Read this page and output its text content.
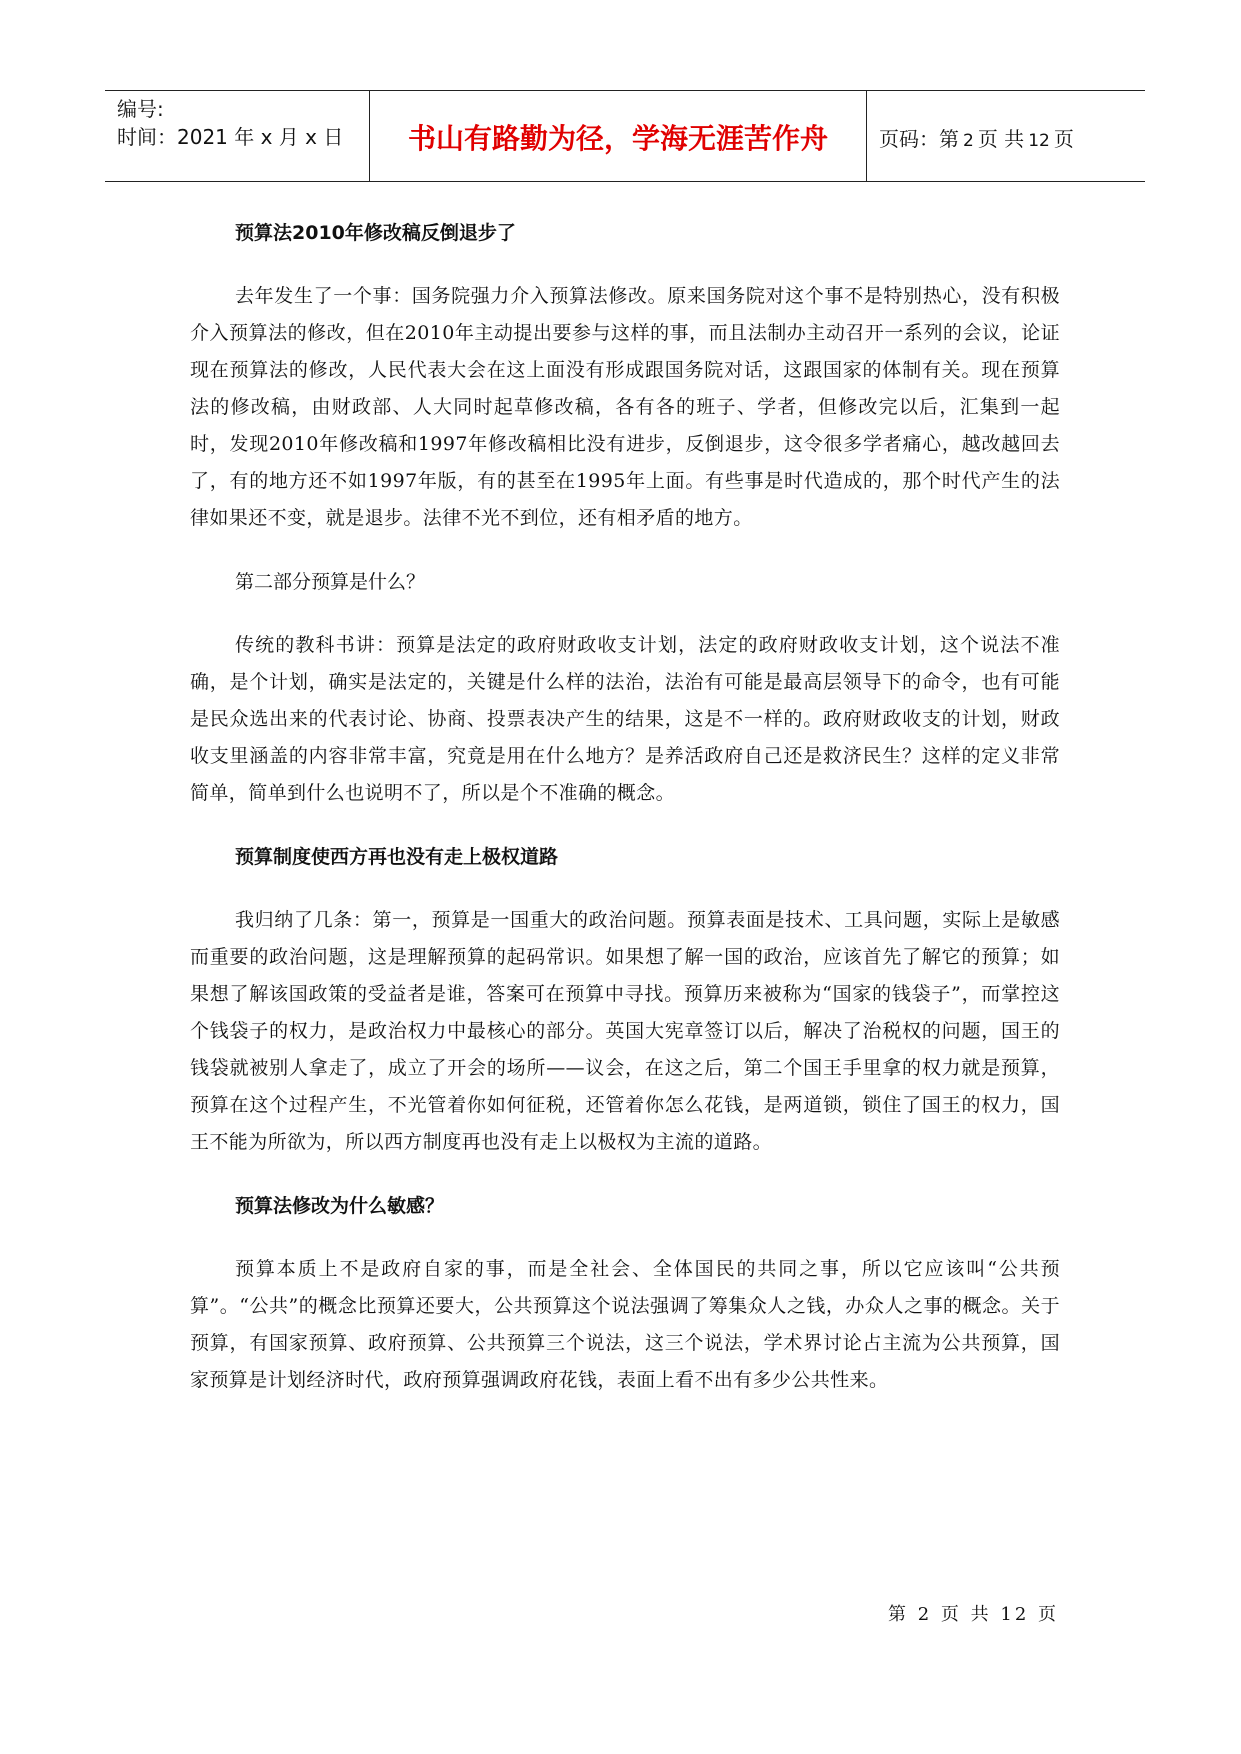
编号:
时间：2021 年 x 月 x 日	书山有路勤为径，学海无涯苦作舟	页码：第 2 页 共 12 页
预算法2010年修改稿反倒退步了

去年发生了一个事：国务院强力介入预算法修改。原来国务院对这个事不是特别热心，没有积极介入预算法的修改，但在2010年主动提出要参与这样的事，而且法制办主动召开一系列的会议，论证现在预算法的修改，人民代表大会在这上面没有形成跟国务院对话，这跟国家的体制有关。现在预算法的修改稿，由财政部、人大同时起草修改稿，各有各的班子、学者，但修改完以后，汇集到一起时，发现2010年修改稿和1997年修改稿相比没有进步，反倒退步，这令很多学者痛心，越改越回去了，有的地方还不如1997年版，有的甚至在1995年上面。有些事是时代造成的，那个时代产生的法律如果还不变，就是退步。法律不光不到位，还有相矛盾的地方。

第二部分预算是什么？

传统的教科书讲：预算是法定的政府财政收支计划，法定的政府财政收支计划，这个说法不准确，是个计划，确实是法定的，关键是什么样的法治，法治有可能是最高层领导下的命令，也有可能是民众选出来的代表讨论、协商、投票表决产生的结果，这是不一样的。政府财政收支的计划，财政收支里涵盖的内容非常丰富，究竟是用在什么地方？是养活政府自己还是救济民生？这样的定义非常简单，简单到什么也说明不了，所以是个不准确的概念。

预算制度使西方再也没有走上极权道路

我归纳了几条：第一，预算是一国重大的政治问题。预算表面是技术、工具问题，实际上是敏感而重要的政治问题，这是理解预算的起码常识。如果想了解一国的政治，应该首先了解它的预算；如果想了解该国政策的受益者是谁，答案可在预算中寻找。预算历来被称为“国家的钱袋子”，而掌控这个钱袋子的权力，是政治权力中最核心的部分。英国大宪章签订以后，解决了治税权的问题，国王的钱袋就被别人拿走了，成立了开会的场所——议会，在这之后，第二个国王手里拿的权力就是预算，预算在这个过程产生，不光管着你如何征税，还管着你怎么花钱，是两道锁，锁住了国王的权力，国王不能为所欲为，所以西方制度再也没有走上以极权为主流的道路。

预算法修改为什么敏感？

预算本质上不是政府自家的事，而是全社会、全体国民的共同之事，所以它应该叫“公共预算”。“公共”的概念比预算还要大，公共预算这个说法强调了筹集众人之钱，办众人之事的概念。关于预算，有国家预算、政府预算、公共预算三个说法，这三个说法，学术界讨论占主流为公共预算，国家预算是计划经济时代，政府预算强调政府花钱，表面上看不出有多少公共性来。

第 2 页 共 12 页
